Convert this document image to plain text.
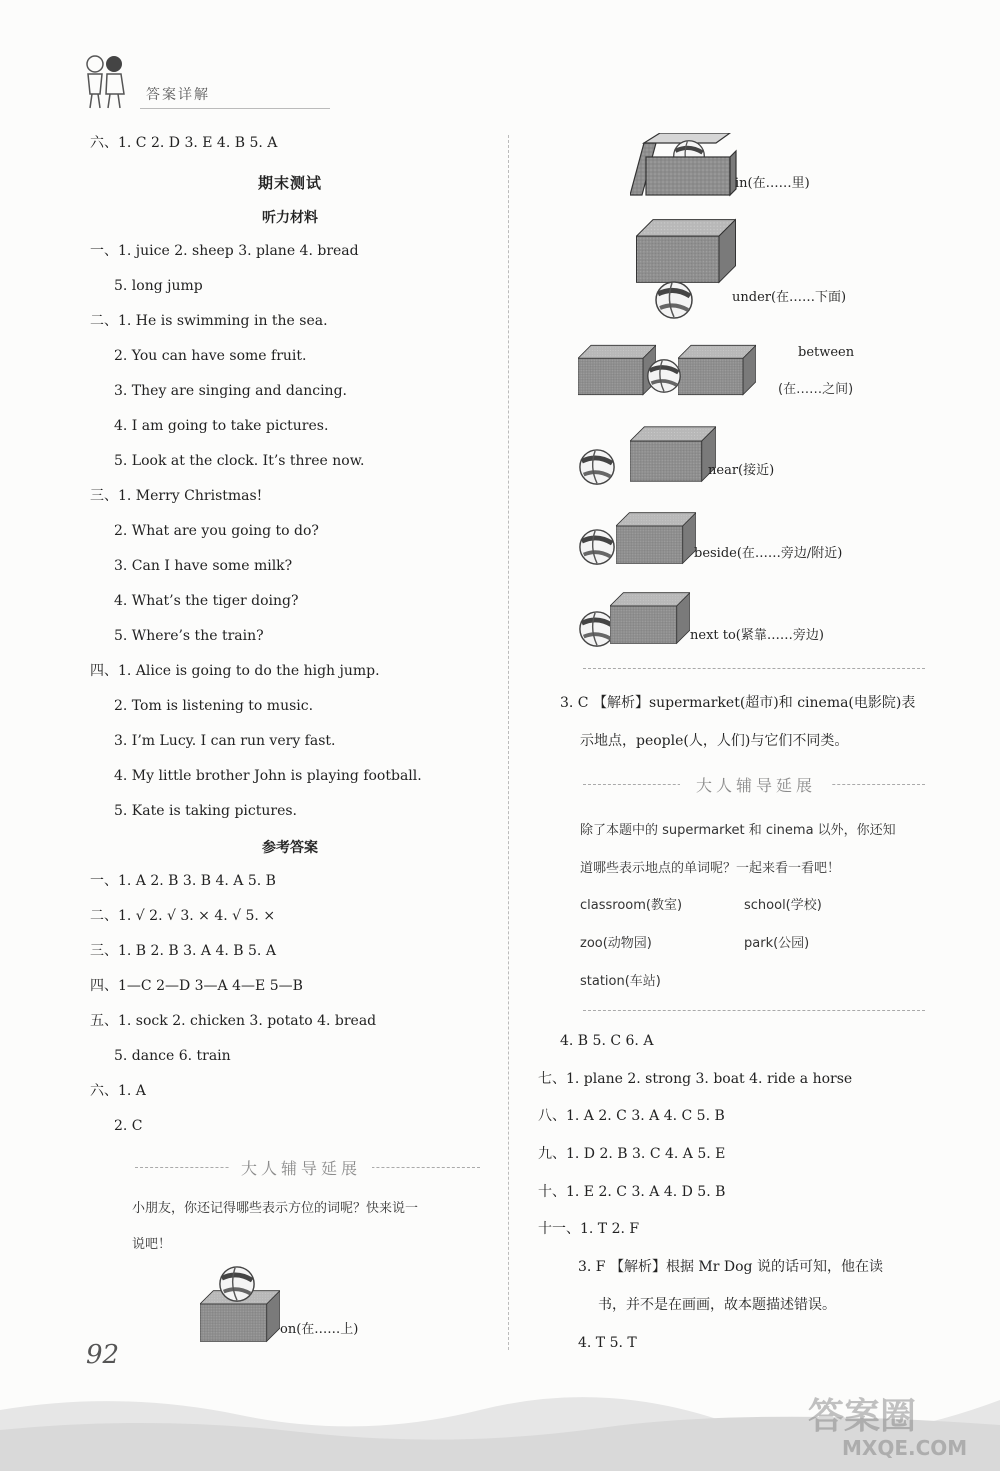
答案详解
六、1. C 2. D 3. E 4. B 5. A
期末测试
听力材料
一、1. juice 2. sheep 3. plane 4. bread
5. long jump
二、1. He is swimming in the sea.
2. You can have some fruit.
3. They are singing and dancing.
4. I am going to take pictures.
5. Look at the clock. It’s three now.
三、1. Merry Christmas!
2. What are you going to do?
3. Can I have some milk?
4. What’s the tiger doing?
5. Where’s the train?
四、1. Alice is going to do the high jump.
2. Tom is listening to music.
3. I’m Lucy. I can run very fast.
4. My little brother John is playing football.
5. Kate is taking pictures.
参考答案
一、1. A 2. B 3. B 4. A 5. B
二、1. √ 2. √ 3. × 4. √ 5. ×
三、1. B 2. B 3. A 4. B 5. A
四、1—C 2—D 3—A 4—E 5—B
五、1. sock 2. chicken 3. potato 4. bread
5. dance 6. train
六、1. A
2. C
大人辅导延展
小朋友，你还记得哪些表示方位的词呢？快来说一
说吧！
on(在……上)
in(在……里)
under(在……下面)
between
(在……之间)
near(接近)
beside(在……旁边/附近)
next to(紧靠……旁边)
3. C 【解析】supermarket(超市)和 cinema(电影院)表
示地点，people(人，人们)与它们不同类。
大人辅导延展
除了本题中的 supermarket 和 cinema 以外，你还知
道哪些表示地点的单词呢？一起来看一看吧！
classroom(教室)	school(学校)
zoo(动物园)	park(公园)
station(车站)
4. B 5. C 6. A
七、1. plane 2. strong 3. boat 4. ride a horse
八、1. A 2. C 3. A 4. C 5. B
九、1. D 2. B 3. C 4. A 5. E
十、1. E 2. C 3. A 4. D 5. B
十一、1. T 2. F
3. F 【解析】根据 Mr Dog 说的话可知，他在读
书，并不是在画画，故本题描述错误。
4. T 5. T
92
答案圈
MXQE.COM
